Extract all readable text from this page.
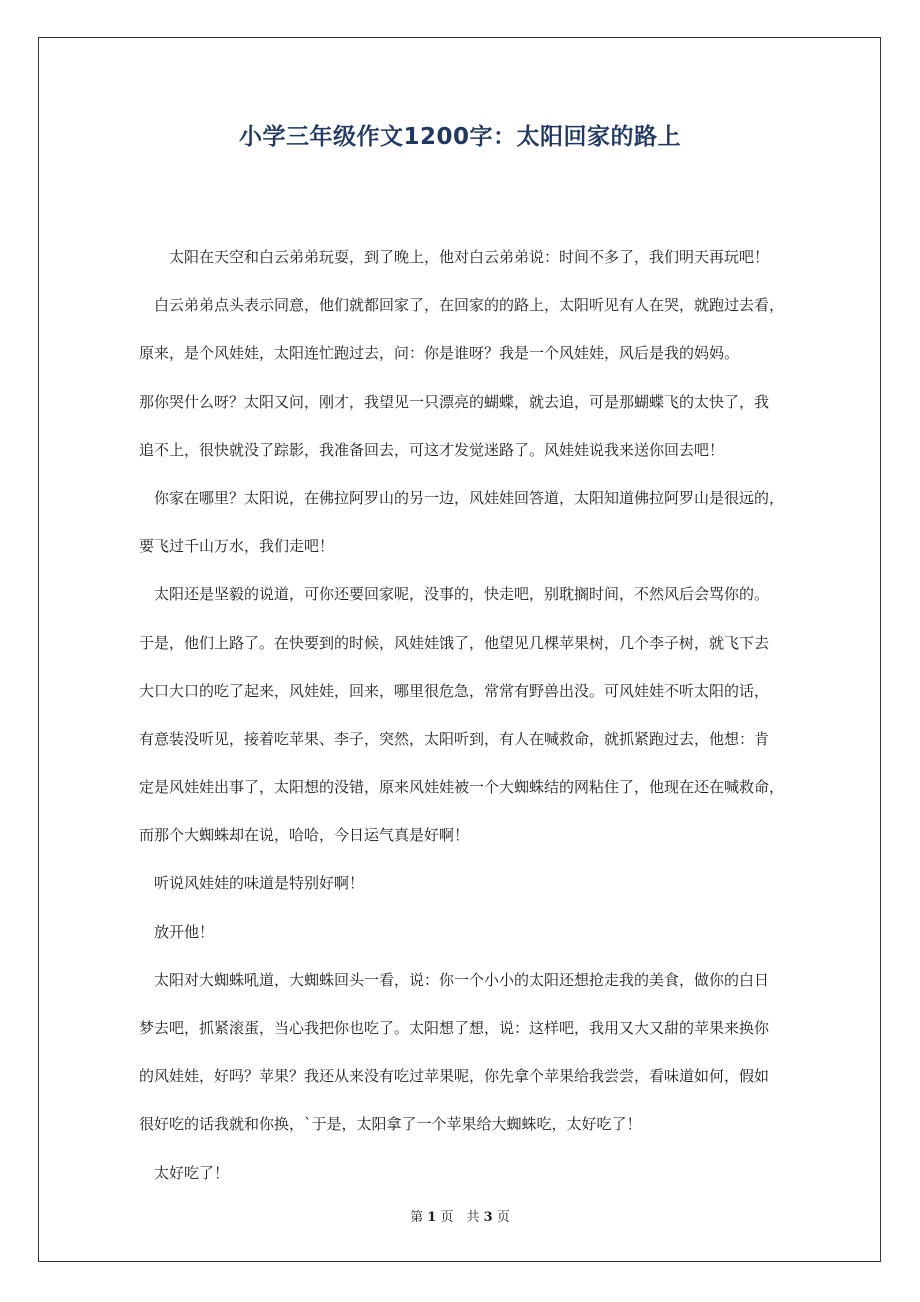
小学三年级作文1200字：太阳回家的路上
太阳在天空和白云弟弟玩耍，到了晚上，他对白云弟弟说：时间不多了，我们明天再玩吧！
白云弟弟点头表示同意，他们就都回家了，在回家的的路上，太阳听见有人在哭，就跑过去看，
原来，是个风娃娃，太阳连忙跑过去，问：你是谁呀？我是一个风娃娃，风后是我的妈妈。
那你哭什么呀？太阳又问，刚才，我望见一只漂亮的蝴蝶，就去追，可是那蝴蝶飞的太快了，我
追不上，很快就没了踪影，我准备回去，可这才发觉迷路了。风娃娃说我来送你回去吧！
你家在哪里？太阳说，在佛拉阿罗山的另一边，风娃娃回答道，太阳知道佛拉阿罗山是很远的，
要飞过千山万水，我们走吧！
太阳还是坚毅的说道，可你还要回家呢，没事的，快走吧，别耽搁时间，不然风后会骂你的。
于是，他们上路了。在快要到的时候，风娃娃饿了，他望见几棵苹果树，几个李子树，就飞下去
大口大口的吃了起来，风娃娃，回来，哪里很危急，常常有野兽出没。可风娃娃不听太阳的话，
有意装没听见，接着吃苹果、李子，突然，太阳听到，有人在喊救命，就抓紧跑过去，他想：肯
定是风娃娃出事了，太阳想的没错，原来风娃娃被一个大蜘蛛结的网粘住了，他现在还在喊救命，
而那个大蜘蛛却在说，哈哈，今日运气真是好啊！
听说风娃娃的味道是特别好啊！
放开他！
太阳对大蜘蛛吼道，大蜘蛛回头一看，说：你一个小小的太阳还想抢走我的美食，做你的白日
梦去吧，抓紧滚蛋，当心我把你也吃了。太阳想了想，说：这样吧，我用又大又甜的苹果来换你
的风娃娃，好吗？苹果？我还从来没有吃过苹果呢，你先拿个苹果给我尝尝，看味道如何，假如
很好吃的话我就和你换，`于是，太阳拿了一个苹果给大蜘蛛吃，太好吃了！
太好吃了！
第 1 页　共 3 页
